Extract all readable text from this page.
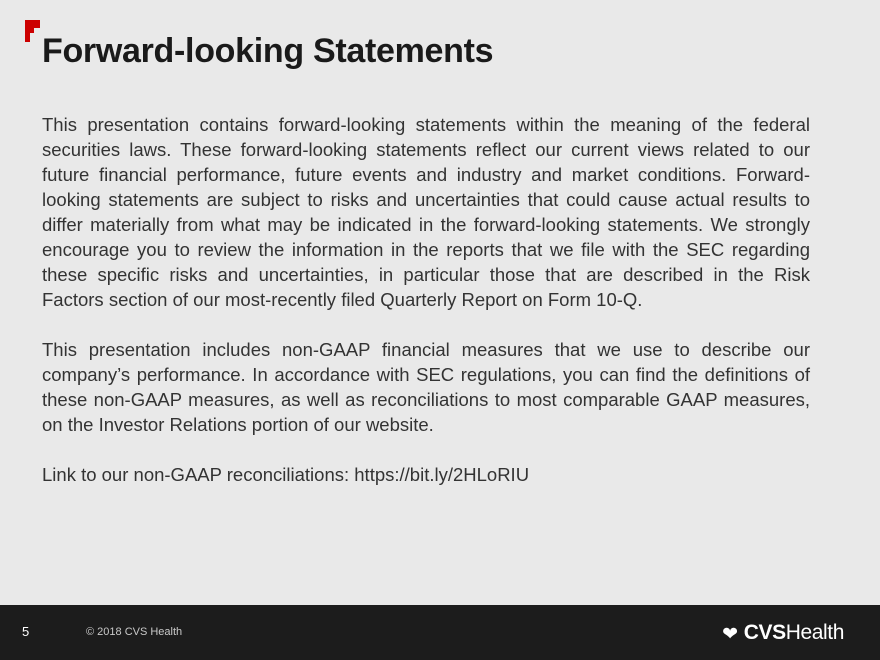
Forward-looking Statements

This presentation contains forward-looking statements within the meaning of the federal securities laws. These forward-looking statements reflect our current views related to our future financial performance, future events and industry and market conditions. Forward-looking statements are subject to risks and uncertainties that could cause actual results to differ materially from what may be indicated in the forward-looking statements. We strongly encourage you to review the information in the reports that we file with the SEC regarding these specific risks and uncertainties, in particular those that are described in the Risk Factors section of our most-recently filed Quarterly Report on Form 10-Q.

This presentation includes non-GAAP financial measures that we use to describe our company’s performance. In accordance with SEC regulations, you can find the definitions of these non-GAAP measures, as well as reconciliations to most comparable GAAP measures, on the Investor Relations portion of our website.

Link to our non-GAAP reconciliations: https://bit.ly/2HLoRIU

5	© 2018 CVS Health	❤ CVS Health
